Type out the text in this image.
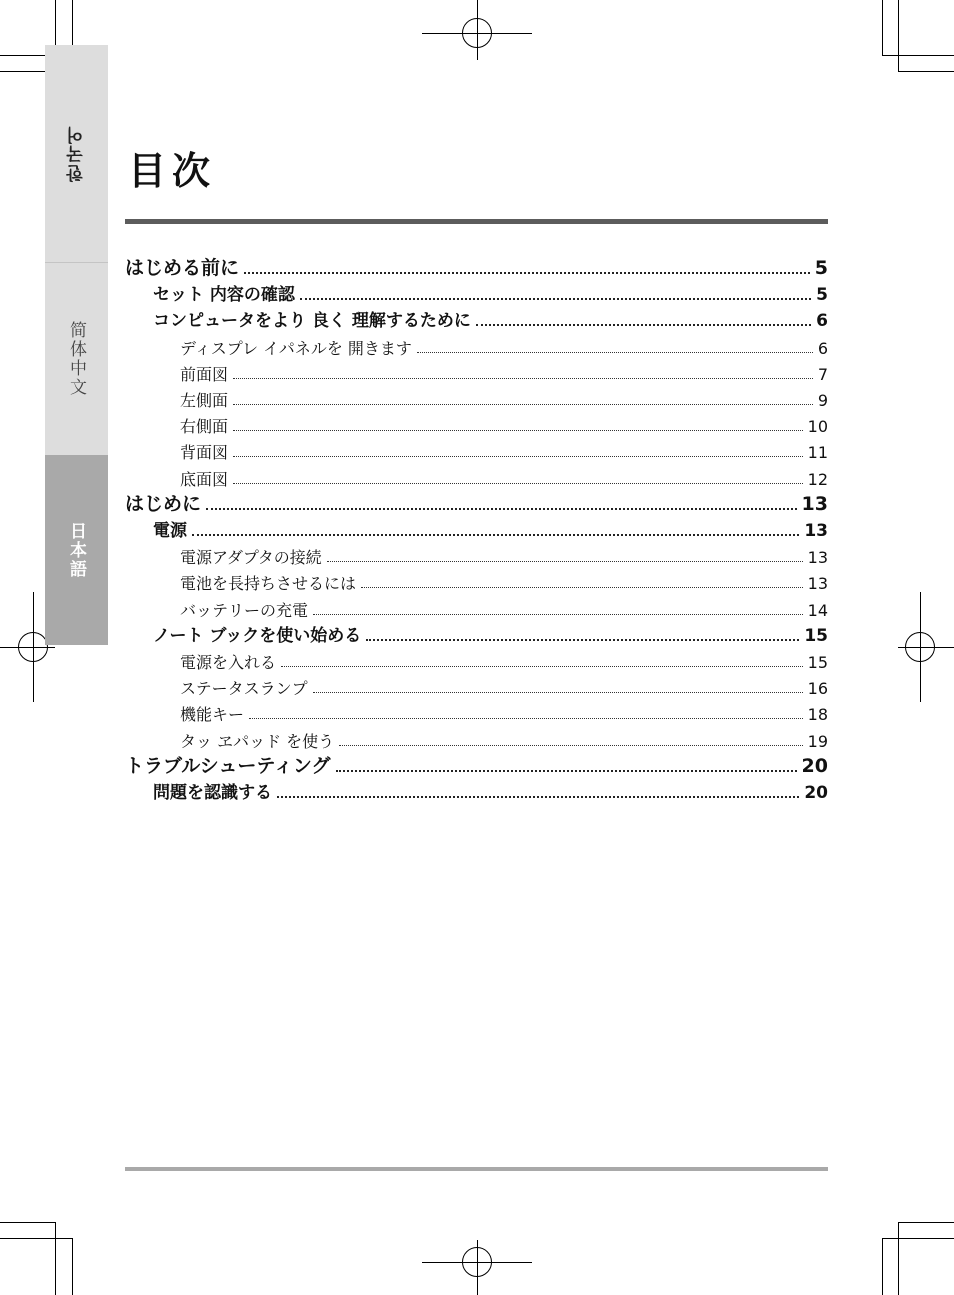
한국어
简体中文
日本語
目次
はじめる前に	5
セット 内容の確認	5
コンピュータをより 良く 理解するために	6
ディスプレ イパネルを 開きます	6
前面図	7
左側面	9
右側面	10
背面図	11
底面図	12
はじめに	13
電源	13
電源アダプタの接続	13
電池を長持ちさせるには	13
バッテリーの充電	14
ノート ブックを使い始める	15
電源を入れる	15
ステータスランプ	16
機能キー	18
タッ ヱパッド を使う	19
トラブルシューティング	20
問題を認識する	20
